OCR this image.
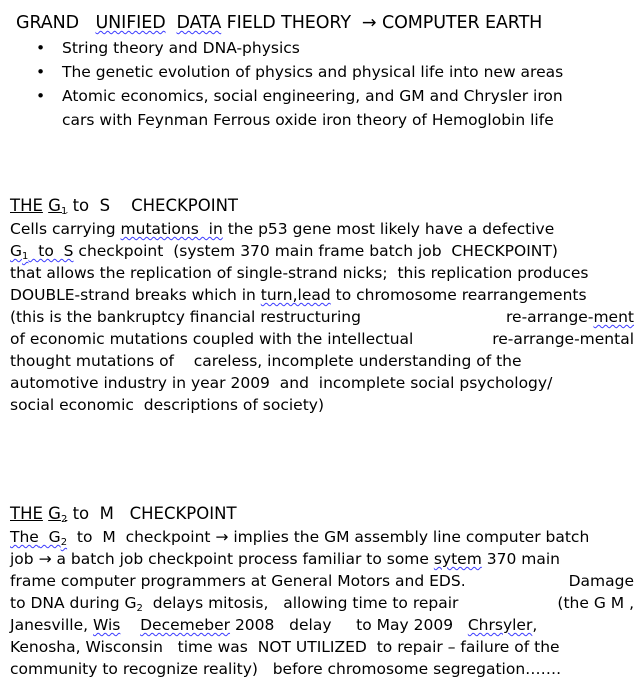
GRAND UNIFIED DATA FIELD THEORY → COMPUTER EARTH
• String theory and DNA-physics
• The genetic evolution of physics and physical life into new areas
• Atomic economics, social engineering, and GM and Chrysler iron
cars with Feynman Ferrous oxide iron theory of Hemoglobin life
THE $G_1$ to  S    CHECKPOINT
Cells carrying mutations  in the p53 gene most likely have a defective
$G_1$  to  S checkpoint  (system 370 main frame batch job  CHECKPOINT)
that allows the replication of single-strand nicks;  this replication produces
DOUBLE-strand breaks which in turn,lead to chromosome rearrangements
(this is the bankruptcy financial restructuring	re-arrange-ment
of economic mutations coupled with the intellectual	re-arrange-mental
thought mutations of    careless, incomplete understanding of the
automotive industry in year 2009  and  incomplete social psychology/
social economic  descriptions of society)
THE $G_2$ to  M   CHECKPOINT
The  $G_2$  to  M  checkpoint → implies the GM assembly line computer batch
job → a batch job checkpoint process familiar to some sytem 370 main
frame computer programmers at General Motors and EDS.	Damage
to DNA during $G_2$  delays mitosis,   allowing time to repair	(the G M ,
Janesville, Wis Decemeber 2008   delay     to May 2009   Chrsyler,
Kenosha, Wisconsin   time was  NOT UTILIZED  to repair – failure of the
community to recognize reality)   before chromosome segregation…….
